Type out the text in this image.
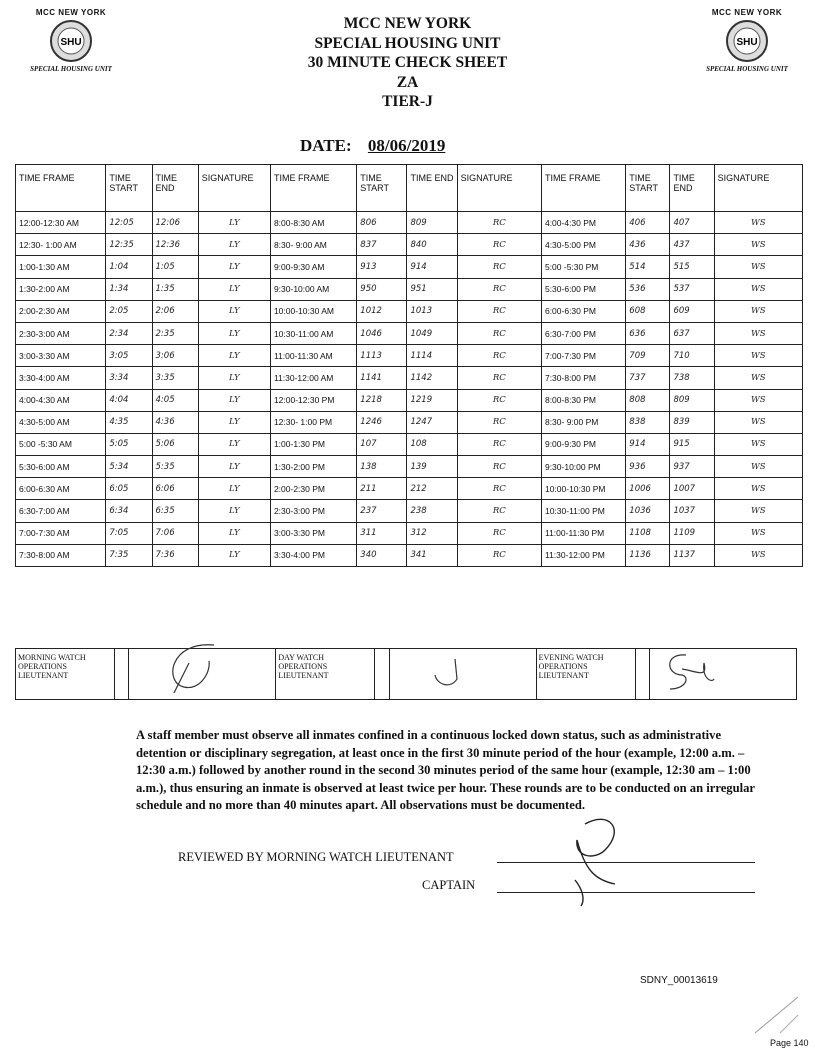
MCC NEW YORK
SHU
SPECIAL HOUSING UNIT
MCC NEW YORK
SHU
SPECIAL HOUSING UNIT
MCC NEW YORK
SPECIAL HOUSING UNIT
30 MINUTE CHECK SHEET
ZA
TIER-J
DATE: 08/06/2019
TIME FRAME	TIME START	TIME END	SIGNATURE	TIME FRAME	TIME START	TIME END	SIGNATURE	TIME FRAME	TIME START	TIME END	SIGNATURE
12:00-12:30 AM	12:05	12:06	LY	8:00-8:30 AM	806	809	RC	4:00-4:30 PM	406	407	WS
12:30- 1:00 AM	12:35	12:36	LY	8:30- 9:00 AM	837	840	RC	4:30-5:00 PM	436	437	WS
1:00-1:30 AM	1:04	1:05	LY	9:00-9:30 AM	913	914	RC	5:00 -5:30 PM	514	515	WS
1:30-2:00 AM	1:34	1:35	LY	9:30-10:00 AM	950	951	RC	5:30-6:00 PM	536	537	WS
2:00-2:30 AM	2:05	2:06	LY	10:00-10:30 AM	1012	1013	RC	6:00-6:30 PM	608	609	WS
2:30-3:00 AM	2:34	2:35	LY	10:30-11:00 AM	1046	1049	RC	6:30-7:00 PM	636	637	WS
3:00-3:30 AM	3:05	3:06	LY	11:00-11:30 AM	1113	1114	RC	7:00-7:30 PM	709	710	WS
3:30-4:00 AM	3:34	3:35	LY	11:30-12:00 AM	1141	1142	RC	7:30-8:00 PM	737	738	WS
4:00-4:30 AM	4:04	4:05	LY	12:00-12:30 PM	1218	1219	RC	8:00-8:30 PM	808	809	WS
4:30-5:00 AM	4:35	4:36	LY	12:30- 1:00 PM	1246	1247	RC	8:30- 9:00 PM	838	839	WS
5:00 -5:30 AM	5:05	5:06	LY	1:00-1:30 PM	107	108	RC	9:00-9:30 PM	914	915	WS
5:30-6:00 AM	5:34	5:35	LY	1:30-2:00 PM	138	139	RC	9:30-10:00 PM	936	937	WS
6:00-6:30 AM	6:05	6:06	LY	2:00-2:30 PM	211	212	RC	10:00-10:30 PM	1006	1007	WS
6:30-7:00 AM	6:34	6:35	LY	2:30-3:00 PM	237	238	RC	10:30-11:00 PM	1036	1037	WS
7:00-7:30 AM	7:05	7:06	LY	3:00-3:30 PM	311	312	RC	11:00-11:30 PM	1108	1109	WS
7:30-8:00 AM	7:35	7:36	LY	3:30-4:00 PM	340	341	RC	11:30-12:00 PM	1136	1137	WS
MORNING WATCH OPERATIONS LIEUTENANT		
	DAY WATCH OPERATIONS LIEUTENANT		
	EVENING WATCH OPERATIONS LIEUTENANT		
A staff member must observe all inmates confined in a continuous locked down status, such as administrative detention or disciplinary segregation, at least once in the first 30 minute period of the hour (example, 12:00 a.m. – 12:30 a.m.) followed by another round in the second 30 minutes period of the same hour (example, 12:30 am – 1:00 a.m.), thus ensuring an inmate is observed at least twice per hour. These rounds are to be conducted on an irregular schedule and no more than 40 minutes apart. All observations must be documented.
REVIEWED BY MORNING WATCH LIEUTENANT
CAPTAIN
SDNY_00013619
Page 140
